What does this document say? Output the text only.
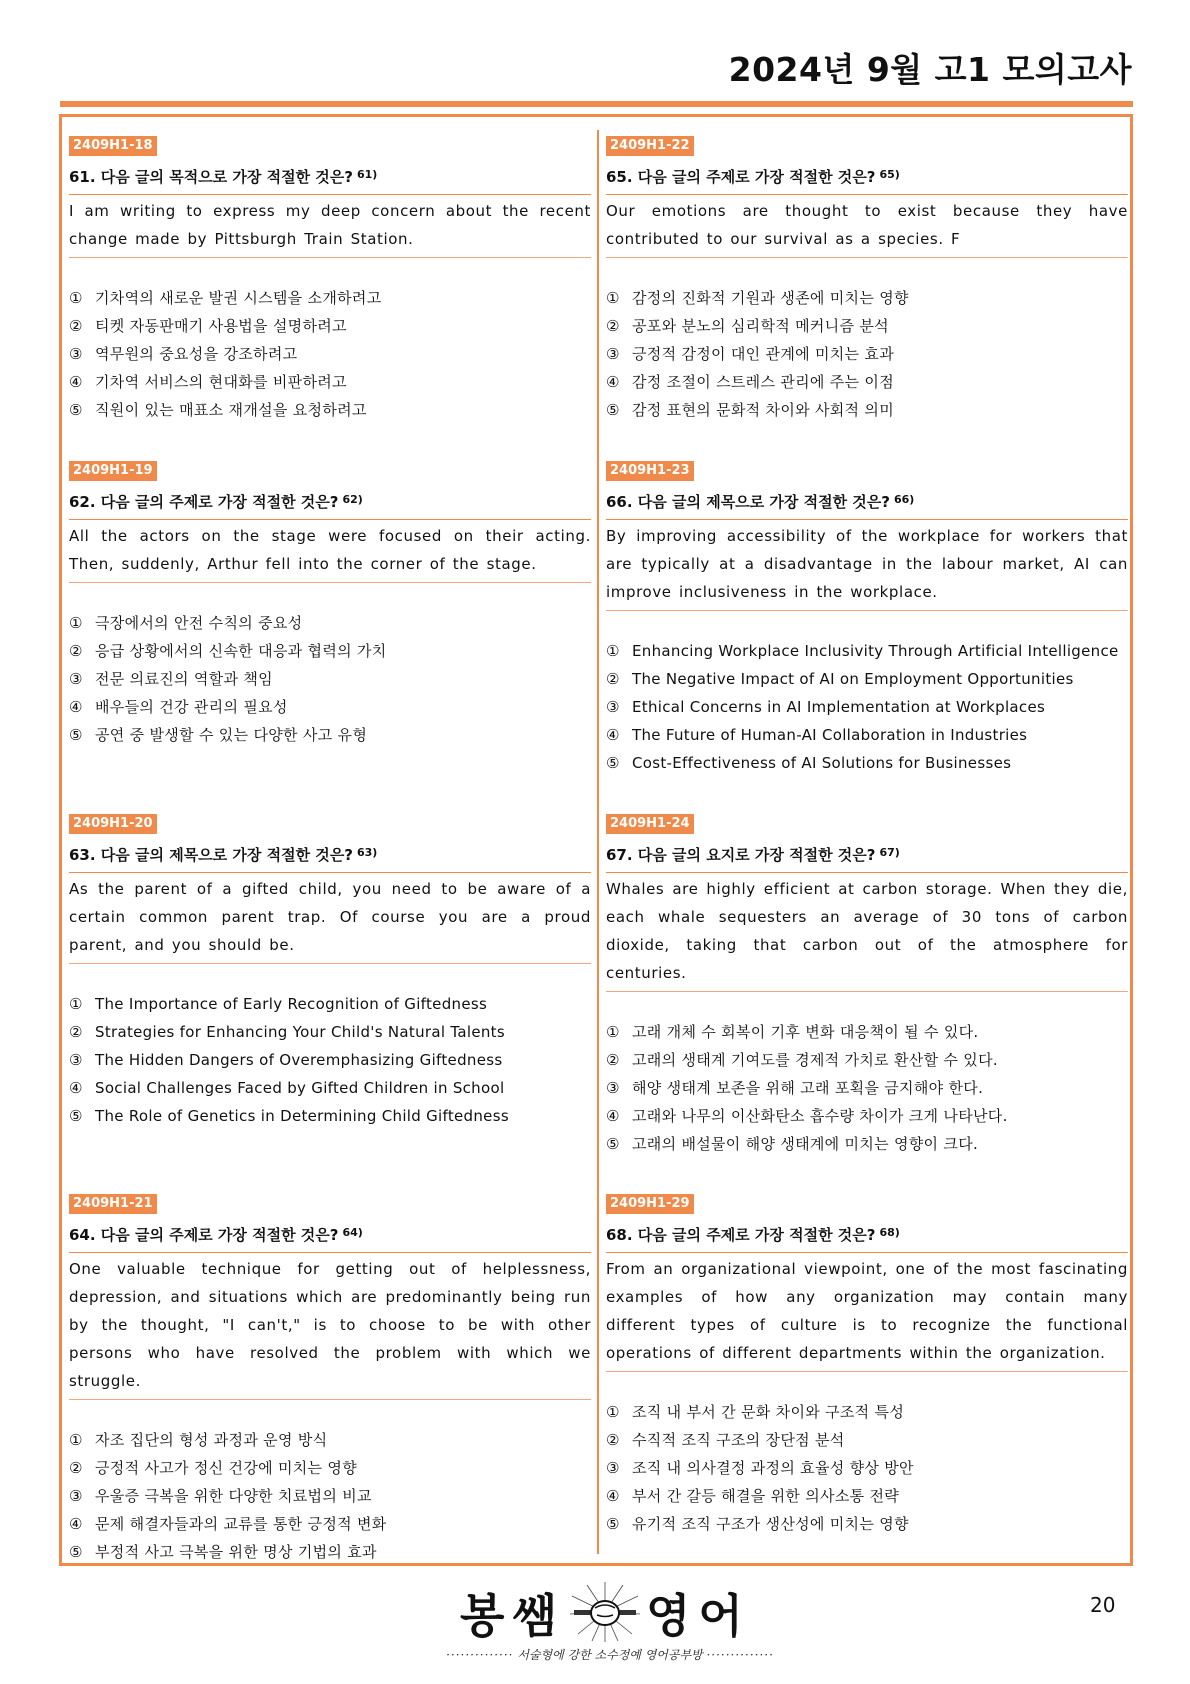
2024년 9월 고1 모의고사
2409H1-18
61. 다음 글의 목적으로 가장 적절한 것은? $^{61)}$
I am writing to express my deep concern about the recent change made by Pittsburgh Train Station.
① 기차역의 새로운 발권 시스템을 소개하려고
② 티켓 자동판매기 사용법을 설명하려고
③ 역무원의 중요성을 강조하려고
④ 기차역 서비스의 현대화를 비판하려고
⑤ 직원이 있는 매표소 재개설을 요청하려고
2409H1-19
62. 다음 글의 주제로 가장 적절한 것은? $^{62)}$
All the actors on the stage were focused on their acting. Then, suddenly, Arthur fell into the corner of the stage.
① 극장에서의 안전 수칙의 중요성
② 응급 상황에서의 신속한 대응과 협력의 가치
③ 전문 의료진의 역할과 책임
④ 배우들의 건강 관리의 필요성
⑤ 공연 중 발생할 수 있는 다양한 사고 유형
2409H1-20
63. 다음 글의 제목으로 가장 적절한 것은? $^{63)}$
As the parent of a gifted child, you need to be aware of a certain common parent trap. Of course you are a proud parent, and you should be.
① The Importance of Early Recognition of Giftedness
② Strategies for Enhancing Your Child's Natural Talents
③ The Hidden Dangers of Overemphasizing Giftedness
④ Social Challenges Faced by Gifted Children in School
⑤ The Role of Genetics in Determining Child Giftedness
2409H1-21
64. 다음 글의 주제로 가장 적절한 것은? $^{64)}$
One valuable technique for getting out of helplessness, depression, and situations which are predominantly being run by the thought, "I can't," is to choose to be with other persons who have resolved the problem with which we struggle.
① 자조 집단의 형성 과정과 운영 방식
② 긍정적 사고가 정신 건강에 미치는 영향
③ 우울증 극복을 위한 다양한 치료법의 비교
④ 문제 해결자들과의 교류를 통한 긍정적 변화
⑤ 부정적 사고 극복을 위한 명상 기법의 효과
2409H1-22
65. 다음 글의 주제로 가장 적절한 것은? $^{65)}$
Our emotions are thought to exist because they have contributed to our survival as a species. F
① 감정의 진화적 기원과 생존에 미치는 영향
② 공포와 분노의 심리학적 메커니즘 분석
③ 긍정적 감정이 대인 관계에 미치는 효과
④ 감정 조절이 스트레스 관리에 주는 이점
⑤ 감정 표현의 문화적 차이와 사회적 의미
2409H1-23
66. 다음 글의 제목으로 가장 적절한 것은? $^{66)}$
By improving accessibility of the workplace for workers that are typically at a disadvantage in the labour market, AI can improve inclusiveness in the workplace.
① Enhancing Workplace Inclusivity Through Artificial Intelligence
② The Negative Impact of AI on Employment Opportunities
③ Ethical Concerns in AI Implementation at Workplaces
④ The Future of Human-AI Collaboration in Industries
⑤ Cost-Effectiveness of AI Solutions for Businesses
2409H1-24
67. 다음 글의 요지로 가장 적절한 것은? $^{67)}$
Whales are highly efficient at carbon storage. When they die, each whale sequesters an average of 30 tons of carbon dioxide, taking that carbon out of the atmosphere for centuries.
① 고래 개체 수 회복이 기후 변화 대응책이 될 수 있다.
② 고래의 생태계 기여도를 경제적 가치로 환산할 수 있다.
③ 해양 생태계 보존을 위해 고래 포획을 금지해야 한다.
④ 고래와 나무의 이산화탄소 흡수량 차이가 크게 나타난다.
⑤ 고래의 배설물이 해양 생태계에 미치는 영향이 크다.
2409H1-29
68. 다음 글의 주제로 가장 적절한 것은? $^{68)}$
From an organizational viewpoint, one of the most fascinating examples of how any organization may contain many different types of culture is to recognize the functional operations of different departments within the organization.
① 조직 내 부서 간 문화 차이와 구조적 특성
② 수직적 조직 구조의 장단점 분석
③ 조직 내 의사결정 과정의 효율성 향상 방안
④ 부서 간 갈등 해결을 위한 의사소통 전략
⑤ 유기적 조직 구조가 생산성에 미치는 영향
봉쌤 영어
·············· 서술형에 강한 소수정예 영어공부방 ··············
20
